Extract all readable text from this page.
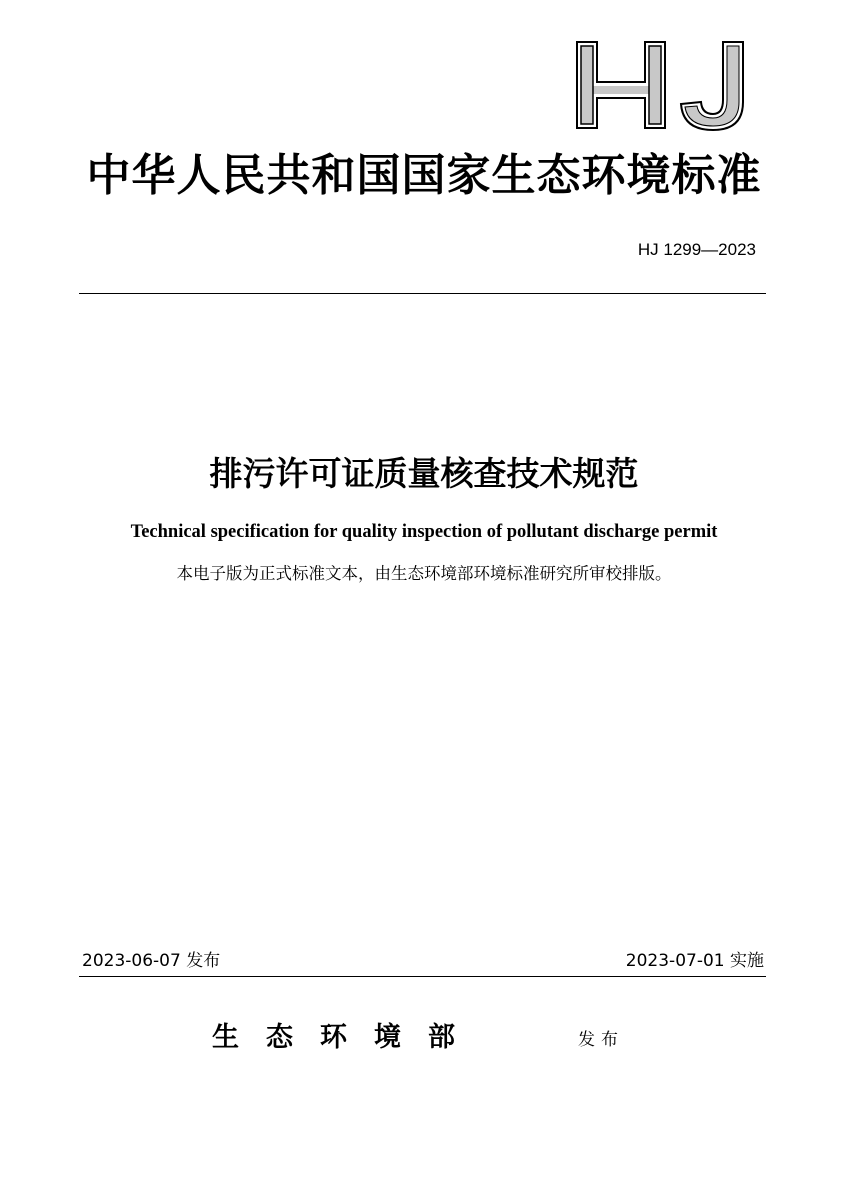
中华人民共和国国家生态环境标准
HJ 1299—2023
排污许可证质量核查技术规范
Technical specification for quality inspection of pollutant discharge permit
本电子版为正式标准文本，由生态环境部环境标准研究所审校排版。
2023-06-07 发布	2023-07-01 实施
生态环境部	发布
